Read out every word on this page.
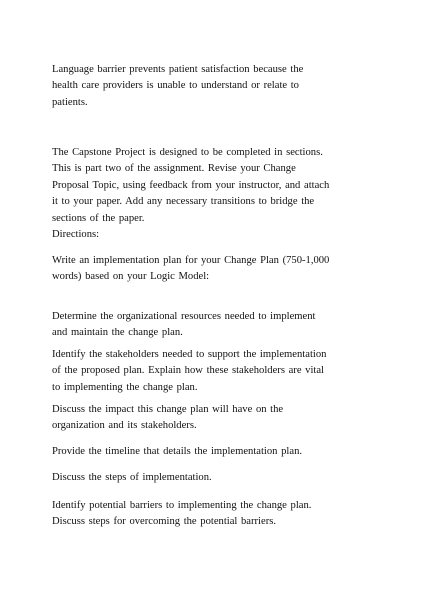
Language barrier prevents patient satisfaction because the
health care providers is unable to understand or relate to
patients.

The Capstone Project is designed to be completed in sections.
This is part two of the assignment. Revise your Change
Proposal Topic, using feedback from your instructor, and attach
it to your paper. Add any necessary transitions to bridge the
sections of the paper.

Directions:

Write an implementation plan for your Change Plan (750-1,000
words) based on your Logic Model:

Determine the organizational resources needed to implement
and maintain the change plan.

Identify the stakeholders needed to support the implementation
of the proposed plan. Explain how these stakeholders are vital
to implementing the change plan.

Discuss the impact this change plan will have on the
organization and its stakeholders.

Provide the timeline that details the implementation plan.

Discuss the steps of implementation.

Identify potential barriers to implementing the change plan.
Discuss steps for overcoming the potential barriers.
